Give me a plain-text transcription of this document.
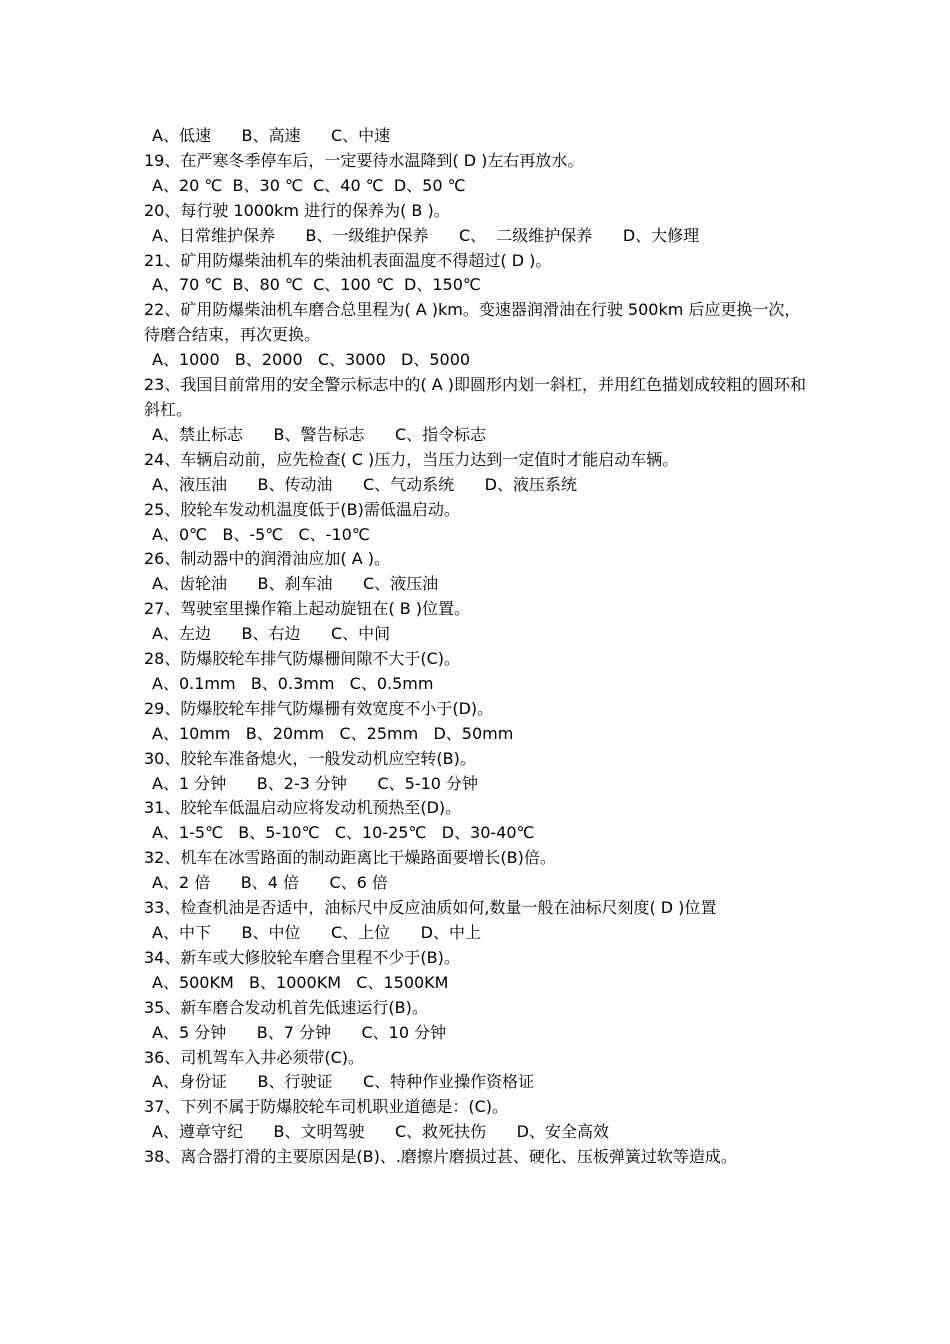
A、低速      B、高速      C、中速
19、在严寒冬季停车后，一定要待水温降到( D )左右再放水。
A、20 ℃  B、30 ℃  C、40 ℃  D、50 ℃
20、每行驶 1000km 进行的保养为( B )。
A、日常维护保养      B、一级维护保养      C、  二级维护保养      D、大修理
21、矿用防爆柴油机车的柴油机表面温度不得超过( D )。
A、70 ℃  B、80 ℃  C、100 ℃  D、150℃
22、矿用防爆柴油机车磨合总里程为( A )km。变速器润滑油在行驶 500km 后应更换一次，待磨合结束，再次更换。
A、1000   B、2000   C、3000   D、5000
23、我国目前常用的安全警示标志中的( A )即圆形内划一斜杠，并用红色描划成较粗的圆环和斜杠。
A、禁止标志      B、警告标志      C、指令标志
24、车辆启动前，应先检查( C )压力，当压力达到一定值时才能启动车辆。
A、液压油      B、传动油      C、气动系统      D、液压系统
25、胶轮车发动机温度低于(B)需低温启动。
A、0℃   B、-5℃   C、-10℃
26、制动器中的润滑油应加( A )。
A、齿轮油      B、刹车油      C、液压油
27、驾驶室里操作箱上起动旋钮在( B )位置。
A、左边      B、右边      C、中间
28、防爆胶轮车排气防爆栅间隙不大于(C)。
A、0.1mm   B、0.3mm   C、0.5mm
29、防爆胶轮车排气防爆栅有效宽度不小于(D)。
A、10mm   B、20mm   C、25mm   D、50mm
30、胶轮车准备熄火，一般发动机应空转(B)。
A、1 分钟      B、2-3 分钟      C、5-10 分钟
31、胶轮车低温启动应将发动机预热至(D)。
A、1-5℃   B、5-10℃   C、10-25℃   D、30-40℃
32、机车在冰雪路面的制动距离比干燥路面要增长(B)倍。
A、2 倍      B、4 倍      C、6 倍
33、检查机油是否适中，油标尺中反应油质如何,数量一般在油标尺刻度( D )位置
A、中下      B、中位      C、上位      D、中上
34、新车或大修胶轮车磨合里程不少于(B)。
A、500KM   B、1000KM   C、1500KM
35、新车磨合发动机首先低速运行(B)。
A、5 分钟      B、7 分钟      C、10 分钟
36、司机驾车入井必须带(C)。
A、身份证      B、行驶证      C、特种作业操作资格证
37、下列不属于防爆胶轮车司机职业道德是：(C)。
A、遵章守纪      B、文明驾驶      C、救死扶伤      D、安全高效
38、离合器打滑的主要原因是(B)、.磨擦片磨损过甚、硬化、压板弹簧过软等造成。
